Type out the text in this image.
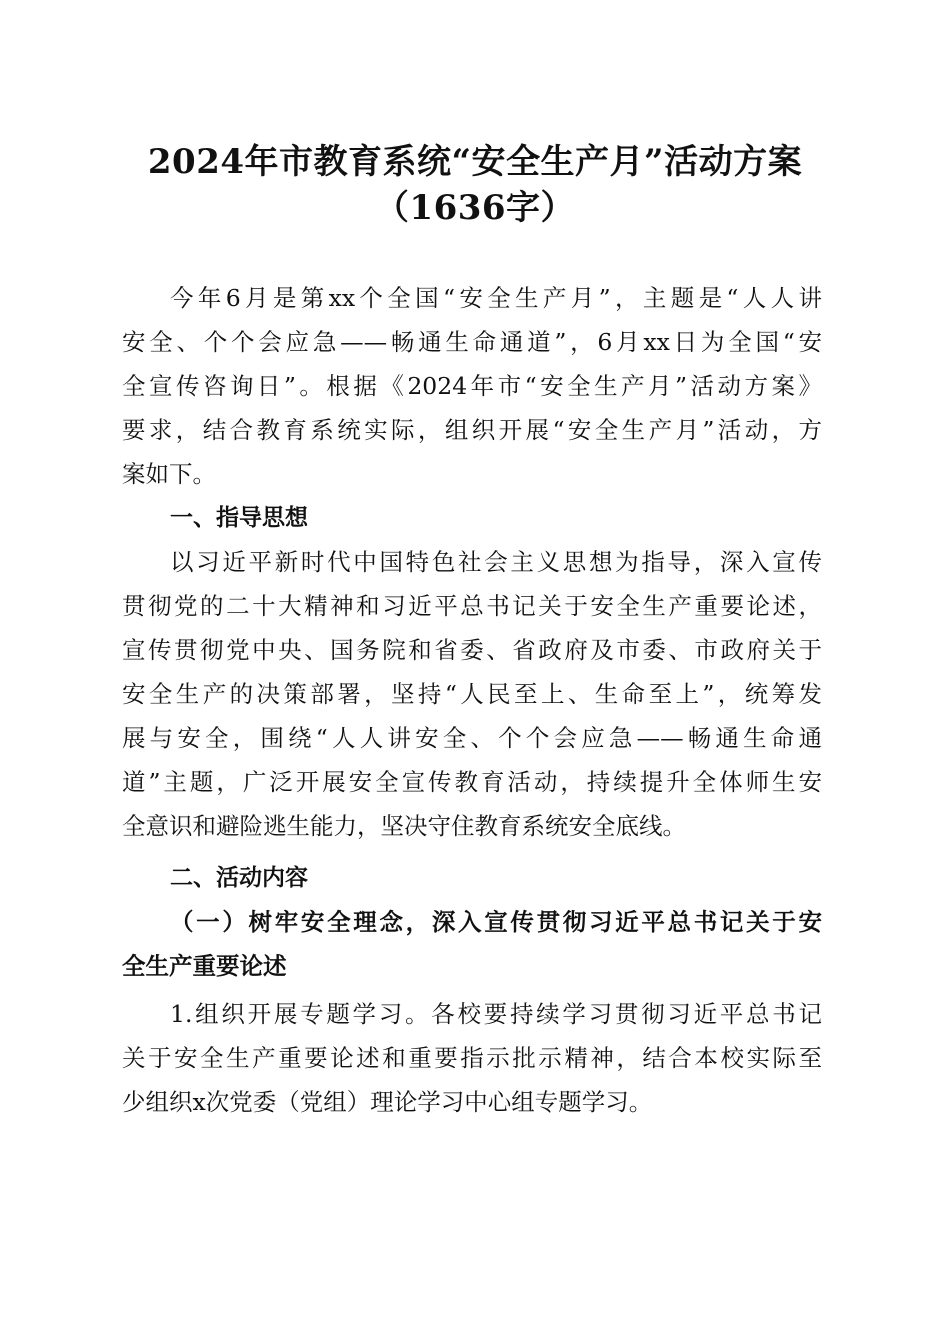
2024年市教育系统“安全生产月”活动方案
（1636字）
今年6月是第xx个全国“安全生产月”，主题是“人人讲
安全、个个会应急——畅通生命通道”，6月xx日为全国“安
全宣传咨询日”。根据《2024年市“安全生产月”活动方案》
要求，结合教育系统实际，组织开展“安全生产月”活动，方
案如下。
一、指导思想
以习近平新时代中国特色社会主义思想为指导，深入宣传
贯彻党的二十大精神和习近平总书记关于安全生产重要论述，
宣传贯彻党中央、国务院和省委、省政府及市委、市政府关于
安全生产的决策部署，坚持“人民至上、生命至上”，统筹发
展与安全，围绕“人人讲安全、个个会应急——畅通生命通
道”主题，广泛开展安全宣传教育活动，持续提升全体师生安
全意识和避险逃生能力，坚决守住教育系统安全底线。
二、活动内容
（一）树牢安全理念，深入宣传贯彻习近平总书记关于安
全生产重要论述
1.组织开展专题学习。各校要持续学习贯彻习近平总书记
关于安全生产重要论述和重要指示批示精神，结合本校实际至
少组织x次党委（党组）理论学习中心组专题学习。
